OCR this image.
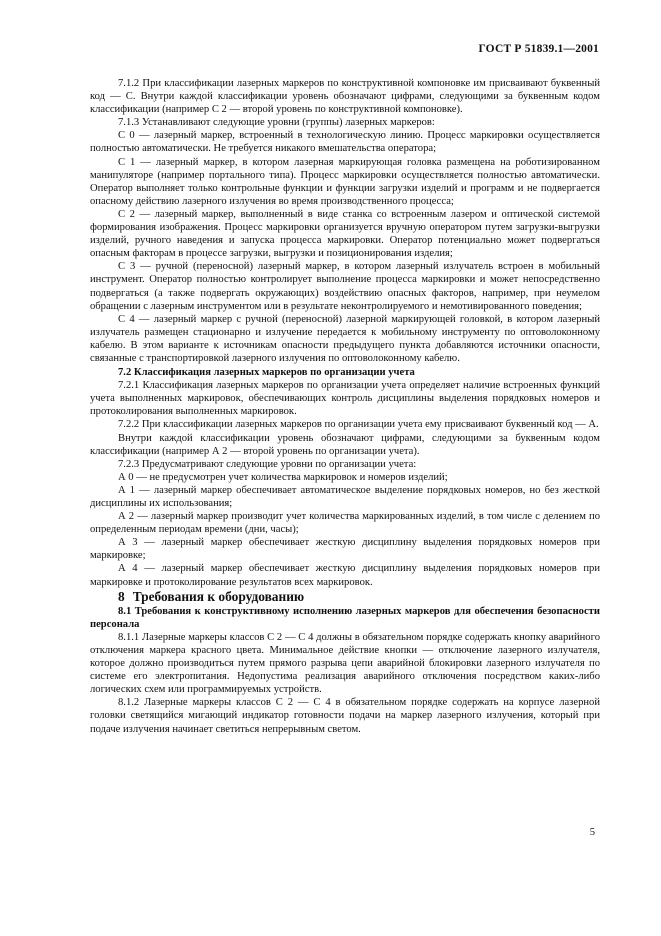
ГОСТ Р 51839.1—2001

7.1.2 При классификации лазерных маркеров по конструктивной компоновке им присваивают буквенный код — С. Внутри каждой классификации уровень обозначают цифрами, следующими за буквенным кодом классификации (например С 2 — второй уровень по конструктивной компоновке).

7.1.3 Устанавливают следующие уровни (группы) лазерных маркеров:

С 0 — лазерный маркер, встроенный в технологическую линию. Процесс маркировки осуществляется полностью автоматически. Не требуется никакого вмешательства оператора;

С 1 — лазерный маркер, в котором лазерная маркирующая головка размещена на роботизированном манипуляторе (например портального типа). Процесс маркировки осуществляется полностью автоматически. Оператор выполняет только контрольные функции и функции загрузки изделий и программ и не подвергается опасному действию лазерного излучения во время производственного процесса;

С 2 — лазерный маркер, выполненный в виде станка со встроенным лазером и оптической системой формирования изображения. Процесс маркировки организуется вручную оператором путем загрузки-выгрузки изделий, ручного наведения и запуска процесса маркировки. Оператор потенциально может подвергаться опасным факторам в процессе загрузки, выгрузки и позиционирования изделия;

С 3 — ручной (переносной) лазерный маркер, в котором лазерный излучатель встроен в мобильный инструмент. Оператор полностью контролирует выполнение процесса маркировки и может непосредственно подвергаться (а также подвергать окружающих) воздействию опасных факторов, например, при неумелом обращении с лазерным инструментом или в результате неконтролируемого и немотивированного поведения;

С 4 — лазерный маркер с ручной (переносной) лазерной маркирующей головкой, в котором лазерный излучатель размещен стационарно и излучение передается к мобильному инструменту по оптоволоконному кабелю. В этом варианте к источникам опасности предыдущего пункта добавляются источники опасности, связанные с транспортировкой лазерного излучения по оптоволоконному кабелю.

7.2 Классификация лазерных маркеров по организации учета

7.2.1 Классификация лазерных маркеров по организации учета определяет наличие встроенных функций учета выполненных маркировок, обеспечивающих контроль дисциплины выделения порядковых номеров и протоколирования выполненных маркировок.

7.2.2 При классификации лазерных маркеров по организации учета ему присваивают буквенный код — А.

Внутри каждой классификации уровень обозначают цифрами, следующими за буквенным кодом классификации (например А 2 — второй уровень по организации учета).

7.2.3 Предусматривают следующие уровни по организации учета:

А 0 — не предусмотрен учет количества маркировок и номеров изделий;

А 1 — лазерный маркер обеспечивает автоматическое выделение порядковых номеров, но без жесткой дисциплины их использования;

А 2 — лазерный маркер производит учет количества маркированных изделий, в том числе с делением по определенным периодам времени (дни, часы);

А 3 — лазерный маркер обеспечивает жесткую дисциплину выделения порядковых номеров при маркировке;

А 4 — лазерный маркер обеспечивает жесткую дисциплину выделения порядковых номеров при маркировке и протоколирование результатов всех маркировок.

8 Требования к оборудованию

8.1 Требования к конструктивному исполнению лазерных маркеров для обеспечения безопасности персонала

8.1.1 Лазерные маркеры классов С 2 — С 4 должны в обязательном порядке содержать кнопку аварийного отключения маркера красного цвета. Минимальное действие кнопки — отключение лазерного излучателя, которое должно производиться путем прямого разрыва цепи аварийной блокировки лазерного излучателя по системе его электропитания. Недопустима реализация аварийного отключения посредством каких-либо логических схем или программируемых устройств.

8.1.2 Лазерные маркеры классов С 2 — С 4 в обязательном порядке содержать на корпусе лазерной головки светящийся мигающий индикатор готовности подачи на маркер лазерного излучения, который при подаче излучения начинает светиться непрерывным светом.

5
